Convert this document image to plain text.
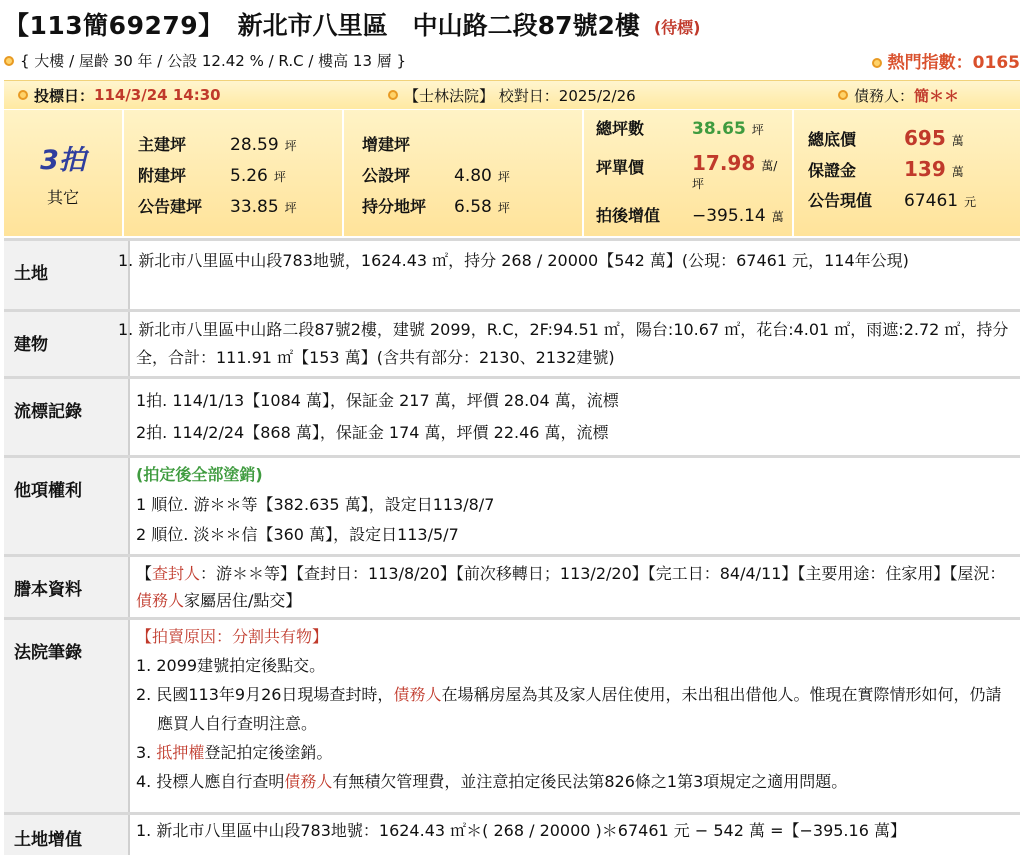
【113簡69279】 新北市八里區　中山路二段87號2樓 (待標)
{ 大樓 / 屋齡 30 年 / 公設 12.42 % / R.C / 樓高 13 層 }	熱門指數：0165
投標日： 114/3/24 14:30	【士林法院】 校對日：2025/2/26	債務人： 簡＊＊
3拍
其它
主建坪	28.59 坪
附建坪	5.26 坪
公告建坪	33.85 坪
增建坪
公設坪	4.80 坪
持分地坪	6.58 坪
總坪數	38.65 坪
坪單價	17.98 萬/
坪
拍後增值	−395.14 萬
總底價	695 萬
保證金	139 萬
公告現值	67461 元
土地
1. 新北市八里區中山段783地號，1624.43 ㎡，持分 268 / 20000【542 萬】(公現：67461 元，114年公現)
建物
1. 新北市八里區中山路二段87號2樓，建號 2099，R.C，2F:94.51 ㎡，陽台:10.67 ㎡，花台:4.01 ㎡，雨遮:2.72 ㎡，持分全，合計：111.91 ㎡【153 萬】(含共有部分：2130、2132建號)
流標記錄
1拍. 114/1/13【1084 萬】，保証金 217 萬，坪價 28.04 萬，流標
2拍. 114/2/24【868 萬】，保証金 174 萬，坪價 22.46 萬，流標
他項權利
(拍定後全部塗銷)
1 順位. 游＊＊等【382.635 萬】，設定日113/8/7
2 順位. 淡＊＊信【360 萬】，設定日113/5/7
謄本資料
【查封人：游＊＊等】【查封日：113/8/20】【前次移轉日；113/2/20】【完工日：84/4/11】【主要用途：住家用】【屋況：債務人家屬居住/點交】
法院筆錄
【拍賣原因：分割共有物】
1. 2099建號拍定後點交。
2. 民國113年9月26日現場查封時，債務人在場稱房屋為其及家人居住使用，未出租出借他人。惟現在實際情形如何，仍請應買人自行查明注意。
3. 抵押權登記拍定後塗銷。
4. 投標人應自行查明債務人有無積欠管理費，並注意拍定後民法第826條之1第3項規定之適用問題。
土地增值	1. 新北市八里區中山段783地號：1624.43 ㎡＊( 268 / 20000 )＊67461 元 − 542 萬 =【−395.16 萬】
